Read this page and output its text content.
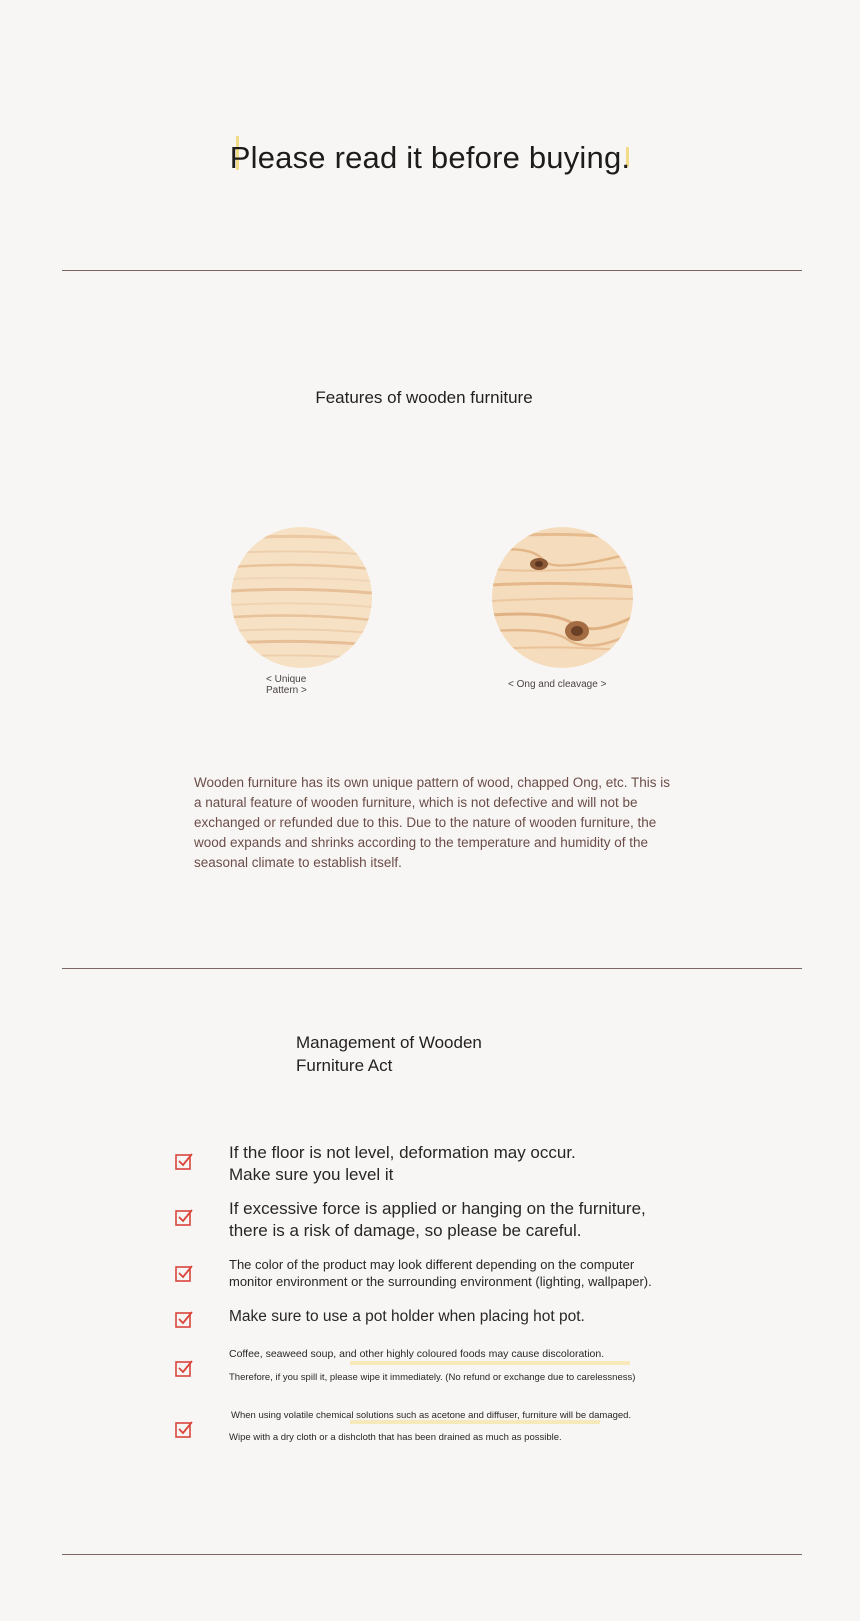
Please read it before buying.
Features of wooden furniture
< Unique
Pattern >
< Ong and cleavage >

Wooden furniture has its own unique pattern of wood, chapped Ong, etc. This is a natural feature of wooden furniture, which is not defective and will not be exchanged or refunded due to this. Due to the nature of wooden furniture, the wood expands and shrinks according to the temperature and humidity of the seasonal climate to establish itself.

Management of Wooden
Furniture Act
If the floor is not level, deformation may occur.
Make sure you level it
If excessive force is applied or hanging on the furniture,
there is a risk of damage, so please be careful.
The color of the product may look different depending on the computer
monitor environment or the surrounding environment (lighting, wallpaper).
Make sure to use a pot holder when placing hot pot.
Coffee, seaweed soup, and other highly coloured foods may cause discoloration.
Therefore, if you spill it, please wipe it immediately. (No refund or exchange due to carelessness)
When using volatile chemical solutions such as acetone and diffuser, furniture will be damaged.
Wipe with a dry cloth or a dishcloth that has been drained as much as possible.
